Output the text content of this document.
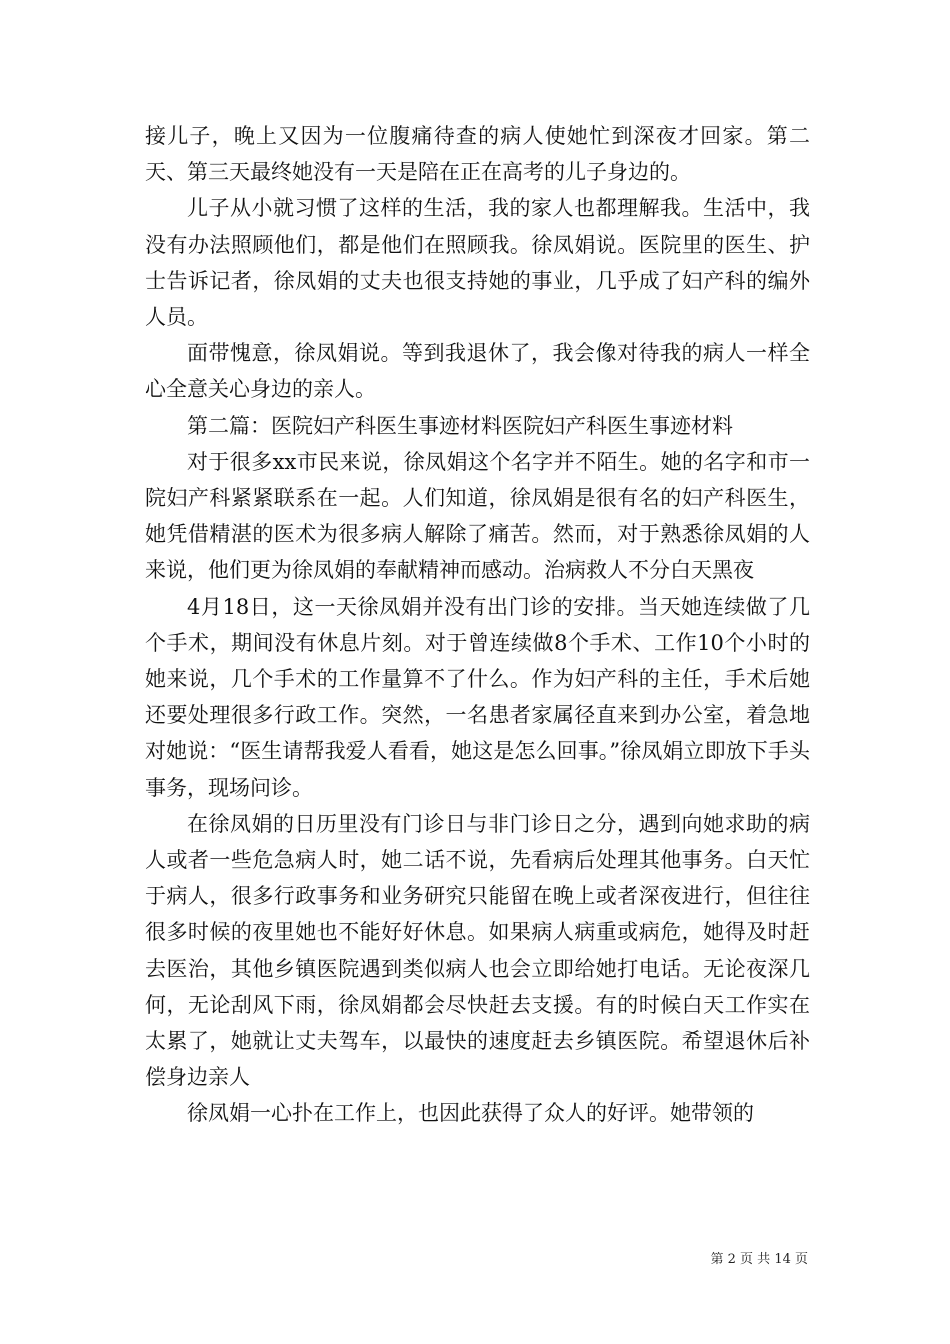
接儿子，晚上又因为一位腹痛待查的病人使她忙到深夜才回家。第二天、第三天最终她没有一天是陪在正在高考的儿子身边的。

儿子从小就习惯了这样的生活，我的家人也都理解我。生活中，我没有办法照顾他们，都是他们在照顾我。徐凤娟说。医院里的医生、护士告诉记者，徐凤娟的丈夫也很支持她的事业，几乎成了妇产科的编外人员。

面带愧意，徐凤娟说。等到我退休了，我会像对待我的病人一样全心全意关心身边的亲人。

第二篇：医院妇产科医生事迹材料医院妇产科医生事迹材料

对于很多xx市民来说，徐凤娟这个名字并不陌生。她的名字和市一院妇产科紧紧联系在一起。人们知道，徐凤娟是很有名的妇产科医生，她凭借精湛的医术为很多病人解除了痛苦。然而，对于熟悉徐凤娟的人来说，他们更为徐凤娟的奉献精神而感动。治病救人不分白天黑夜

4月18日，这一天徐凤娟并没有出门诊的安排。当天她连续做了几个手术，期间没有休息片刻。对于曾连续做8个手术、工作10个小时的她来说，几个手术的工作量算不了什么。作为妇产科的主任，手术后她还要处理很多行政工作。突然，一名患者家属径直来到办公室，着急地对她说：“医生请帮我爱人看看，她这是怎么回事。”徐凤娟立即放下手头事务，现场问诊。

在徐凤娟的日历里没有门诊日与非门诊日之分，遇到向她求助的病人或者一些危急病人时，她二话不说，先看病后处理其他事务。白天忙于病人，很多行政事务和业务研究只能留在晚上或者深夜进行，但往往很多时候的夜里她也不能好好休息。如果病人病重或病危，她得及时赶去医治，其他乡镇医院遇到类似病人也会立即给她打电话。无论夜深几何，无论刮风下雨，徐凤娟都会尽快赶去支援。有的时候白天工作实在太累了，她就让丈夫驾车，以最快的速度赶去乡镇医院。希望退休后补偿身边亲人

徐凤娟一心扑在工作上，也因此获得了众人的好评。她带领的

第 2 页 共 14 页
